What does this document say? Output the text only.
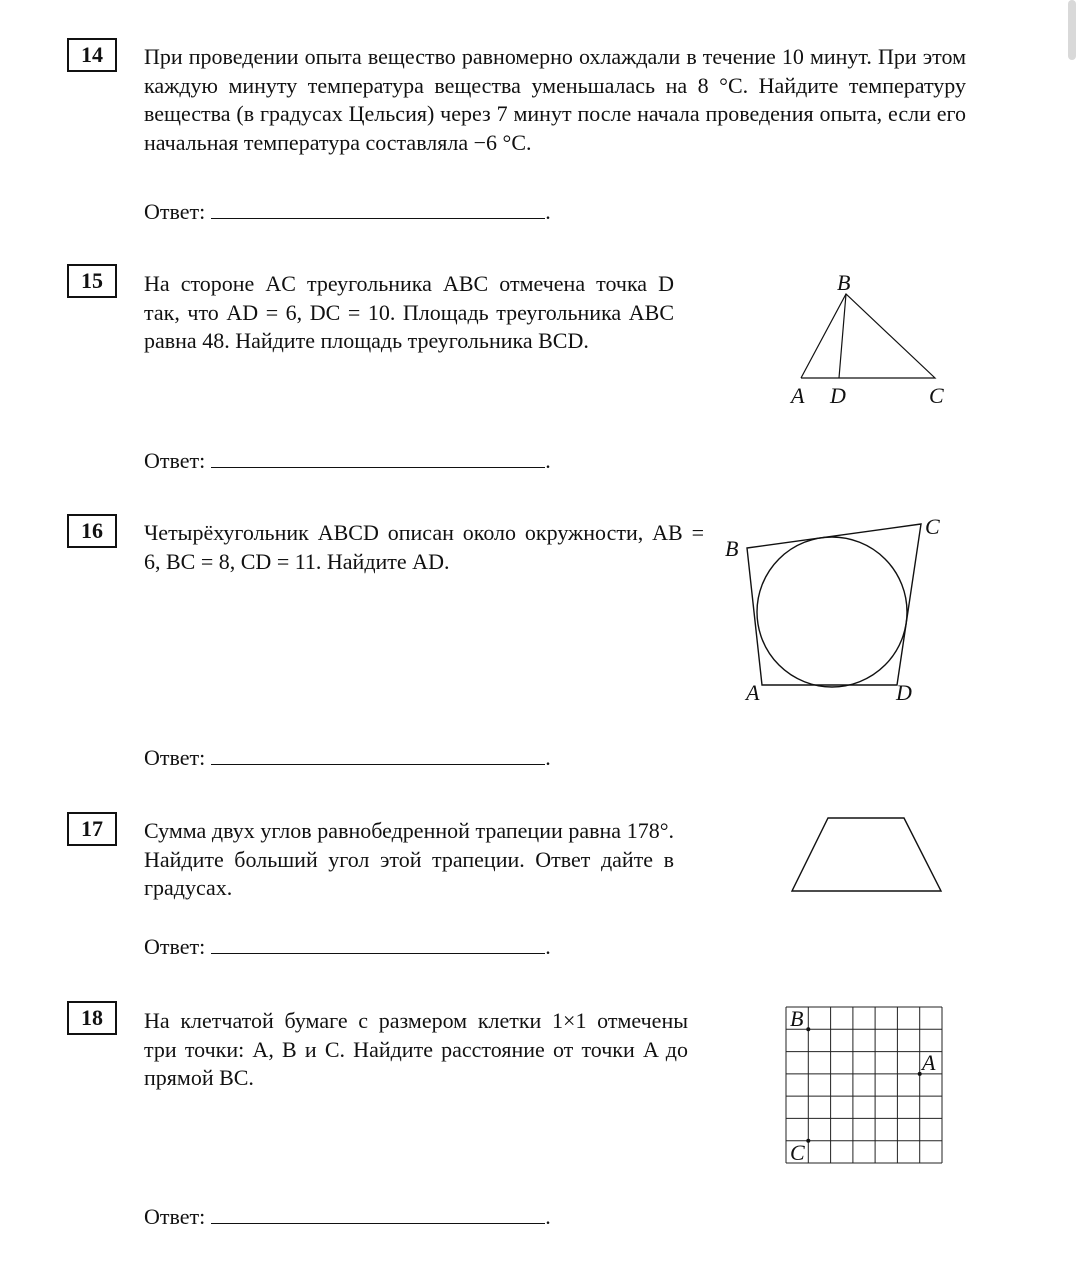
14	При проведении опыта вещество равномерно охлаждали в течение 10 минут. При этом каждую минуту температура вещества уменьшалась на 8 °C. Найдите температуру вещества (в градусах Цельсия) через 7 минут после начала проведения опыта, если его начальная температура составляла −6 °C.
Ответ:	.
15	На стороне AC треугольника ABC отмечена точка D так, что AD = 6, DC = 10. Площадь треугольника ABC равна 48. Найдите площадь треугольника BCD.
B
A D	C
Ответ:	.
16	Четырёхугольник ABCD описан около окружности, AB = 6, BC = 8, CD = 11. Найдите AD.	B
C
A	D
Ответ:	.
17	Сумма двух углов равнобедренной трапеции равна 178°. Найдите больший угол этой трапеции. Ответ дайте в градусах.
Ответ:	.
18	На клетчатой бумаге с размером клетки 1×1 отмечены три точки: A, B и C. Найдите расстояние от точки A до прямой BC.
B
A
C
Ответ:	.
